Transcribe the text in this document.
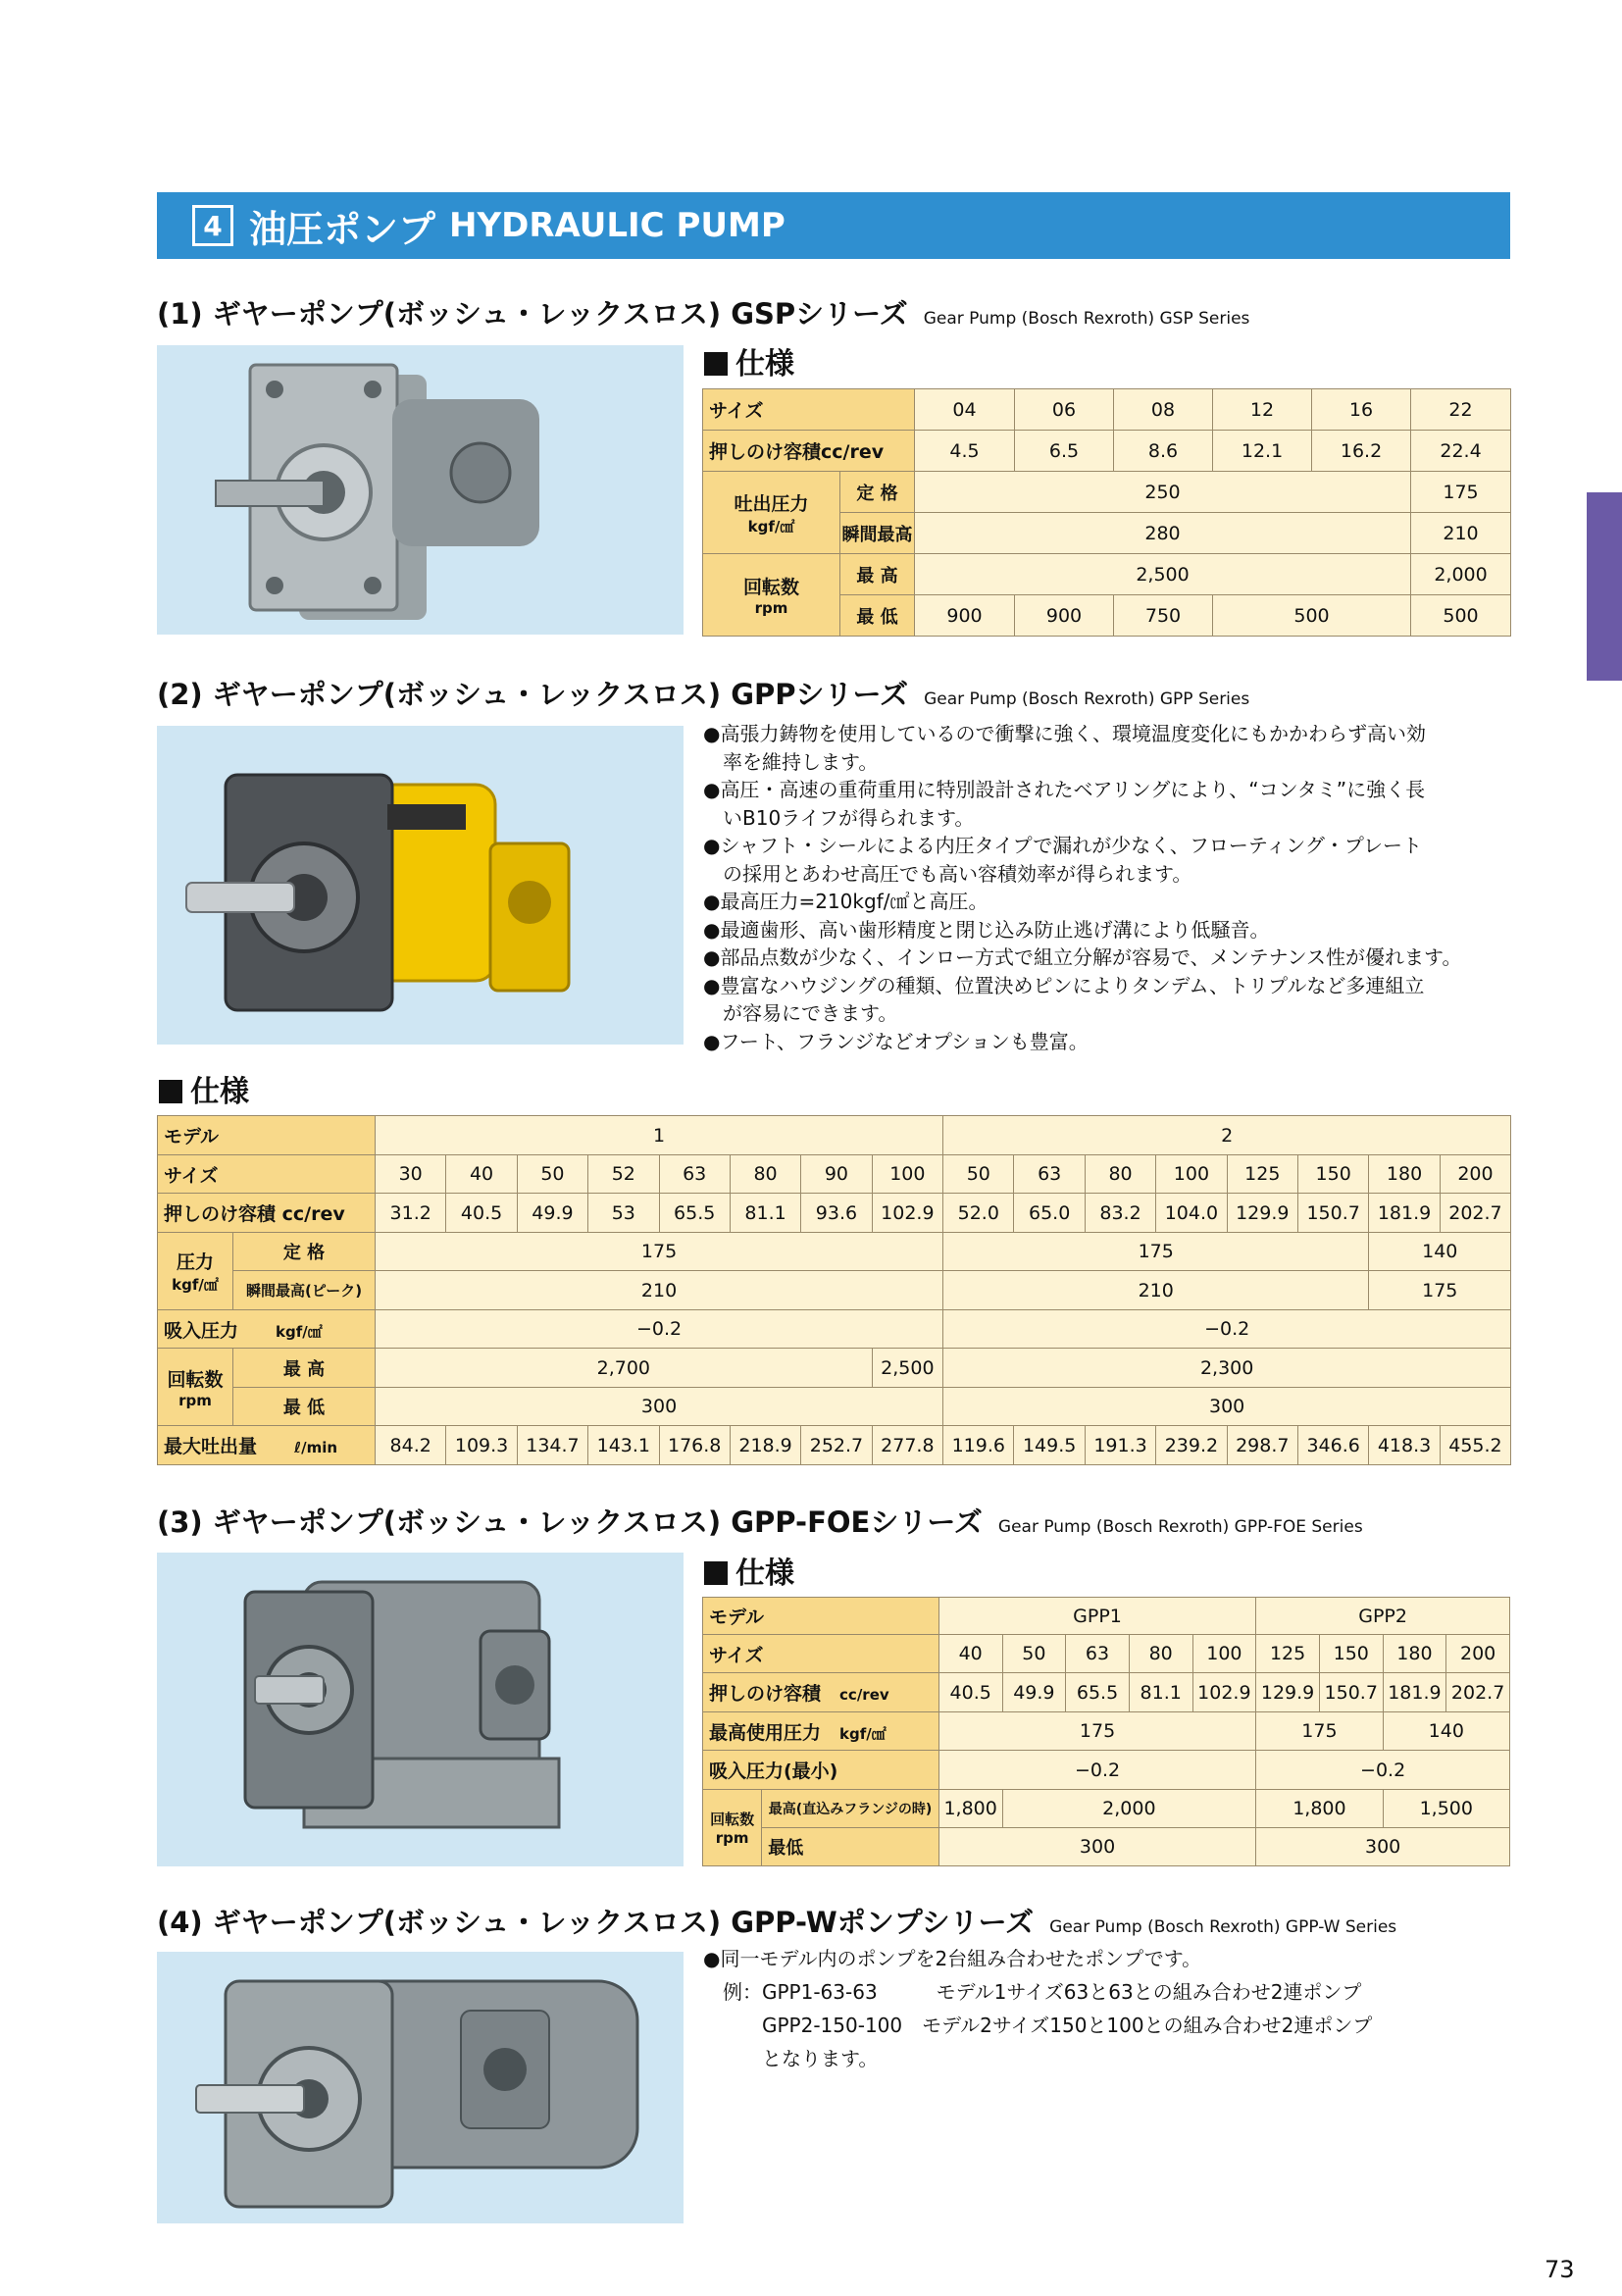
4 油圧ポンプ HYDRAULIC PUMP
(1) ギヤーポンプ(ボッシュ・レックスロス) GSPシリーズ Gear Pump (Bosch Rexroth) GSP Series
仕様
サイズ		04	06	08	12	16	22
押しのけ容積cc/rev		4.5	6.5	8.6	12.1	16.2	22.4

吐出圧力
kgf/㎠	定 格	250					175
	瞬間最高	280					210

回転数
rpm	最 高	2,500					2,000
	最 低	900	900	750	500		500
(2) ギヤーポンプ(ボッシュ・レックスロス) GPPシリーズ Gear Pump (Bosch Rexroth) GPP Series
●高張力鋳物を使用しているので衝撃に強く、環境温度変化にもかかわらず高い効
　率を維持します。
●高圧・高速の重荷重用に特別設計されたベアリングにより、“コンタミ”に強く長
　いB10ライフが得られます。
●シャフト・シールによる内圧タイプで漏れが少なく、フローティング・プレート
　の採用とあわせ高圧でも高い容積効率が得られます。
●最高圧力=210kgf/㎠と高圧。
●最適歯形、高い歯形精度と閉じ込み防止逃げ溝により低騒音。
●部品点数が少なく、インロー方式で組立分解が容易で、メンテナンス性が優れます。
●豊富なハウジングの種類、位置決めピンによりタンデム、トリプルなど多連組立
　が容易にできます。
●フート、フランジなどオプションも豊富。
仕様
モデル		1								2							
サイズ		30	40	50	52	63	80	90	100	50	63	80	100	125	150	180	200
押しのけ容積 cc/rev		31.2	40.5	49.9	53	65.5	81.1	93.6	102.9	52.0	65.0	83.2	104.0	129.9	150.7	181.9	202.7

圧力
kgf/㎠	定 格	175								175						140	
	瞬間最高(ピーク)	210								210						175	
吸入圧力　　 kgf/㎠		−0.2								−0.2							

回転数
rpm	最 高	2,700							2,500	2,300							
	最 低	300								300							
最大吐出量　　 ℓ/min		84.2	109.3	134.7	143.1	176.8	218.9	252.7	277.8	119.6	149.5	191.3	239.2	298.7	346.6	418.3	455.2
(3) ギヤーポンプ(ボッシュ・レックスロス) GPP-FOEシリーズ Gear Pump (Bosch Rexroth) GPP-FOE Series
仕様
モデル		GPP1					GPP2			
サイズ		40	50	63	80	100	125	150	180	200
押しのけ容積　 cc/rev		40.5	49.9	65.5	81.1	102.9	129.9	150.7	181.9	202.7
最高使用圧力　 kgf/㎠		175					175		140	
吸入圧力(最小)		−0.2					−0.2			

回転数
rpm	最高(直込みフランジの時)	1,800	2,000				1,800		1,500	
	最低	300					300			
(4) ギヤーポンプ(ボッシュ・レックスロス) GPP-Wポンプシリーズ Gear Pump (Bosch Rexroth) GPP-W Series
●同一モデル内のポンプを2台組み合わせたポンプです。
　例：GPP1-63-63　　　モデル1サイズ63と63との組み合わせ2連ポンプ
　　　GPP2-150-100　モデル2サイズ150と100との組み合わせ2連ポンプ
　　　となります。
73
